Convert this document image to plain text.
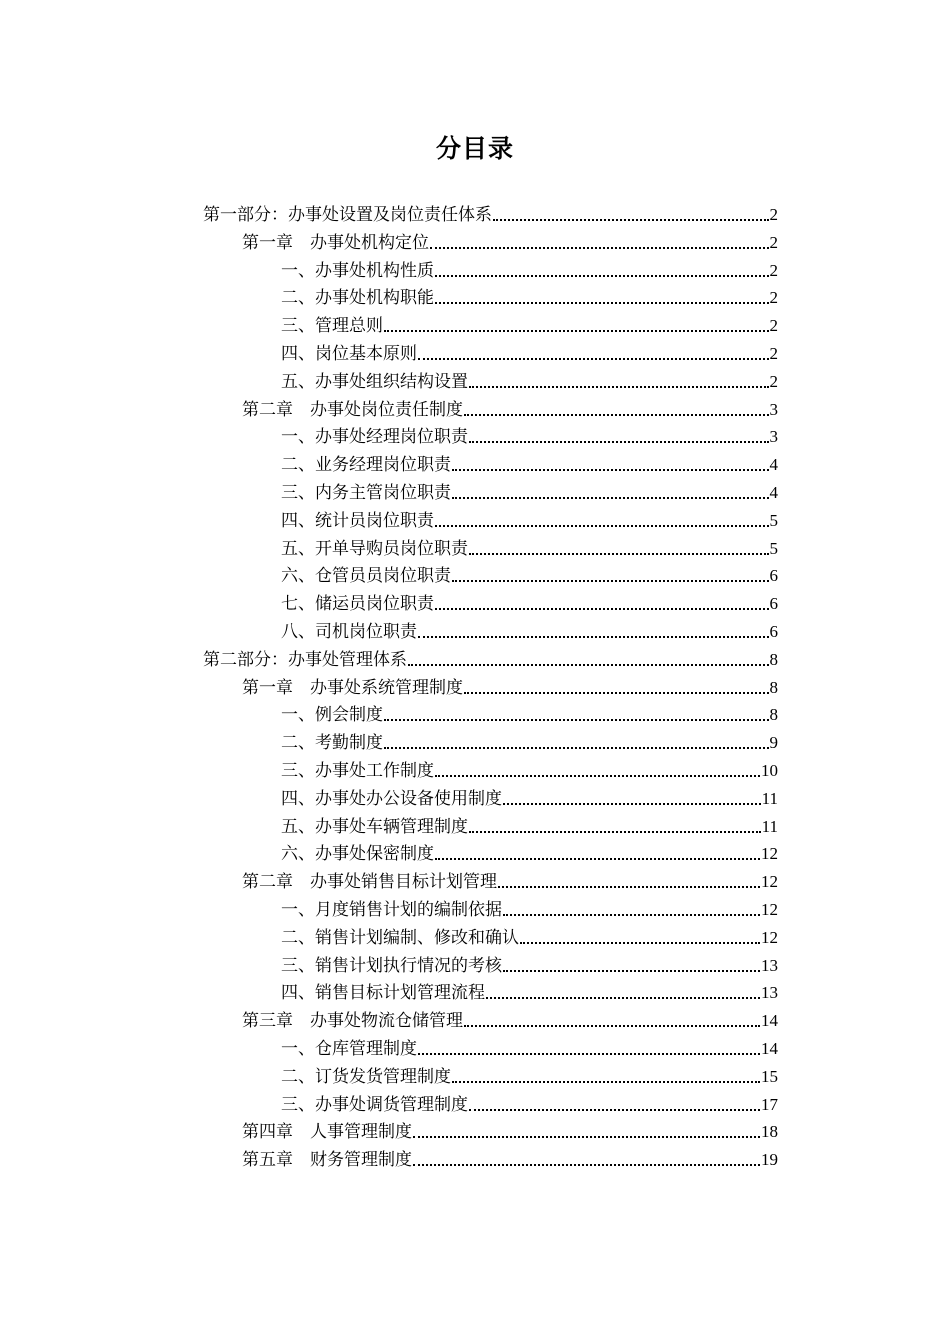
分目录
第一部分：办事处设置及岗位责任体系	2
第一章　办事处机构定位	2
一、办事处机构性质	2
二、办事处机构职能	2
三、管理总则	2
四、岗位基本原则	2
五、办事处组织结构设置	2
第二章　办事处岗位责任制度	3
一、办事处经理岗位职责	3
二、业务经理岗位职责	4
三、内务主管岗位职责	4
四、统计员岗位职责	5
五、开单导购员岗位职责	5
六、仓管员员岗位职责	6
七、储运员岗位职责	6
八、司机岗位职责	6
第二部分：办事处管理体系	8
第一章　办事处系统管理制度	8
一、例会制度	8
二、考勤制度	9
三、办事处工作制度	10
四、办事处办公设备使用制度	11
五、办事处车辆管理制度	11
六、办事处保密制度	12
第二章　办事处销售目标计划管理	12
一、月度销售计划的编制依据	12
二、销售计划编制、修改和确认	12
三、销售计划执行情况的考核	13
四、销售目标计划管理流程	13
第三章　办事处物流仓储管理	14
一、仓库管理制度	14
二、订货发货管理制度	15
三、办事处调货管理制度	17
第四章　人事管理制度	18
第五章　财务管理制度	19
